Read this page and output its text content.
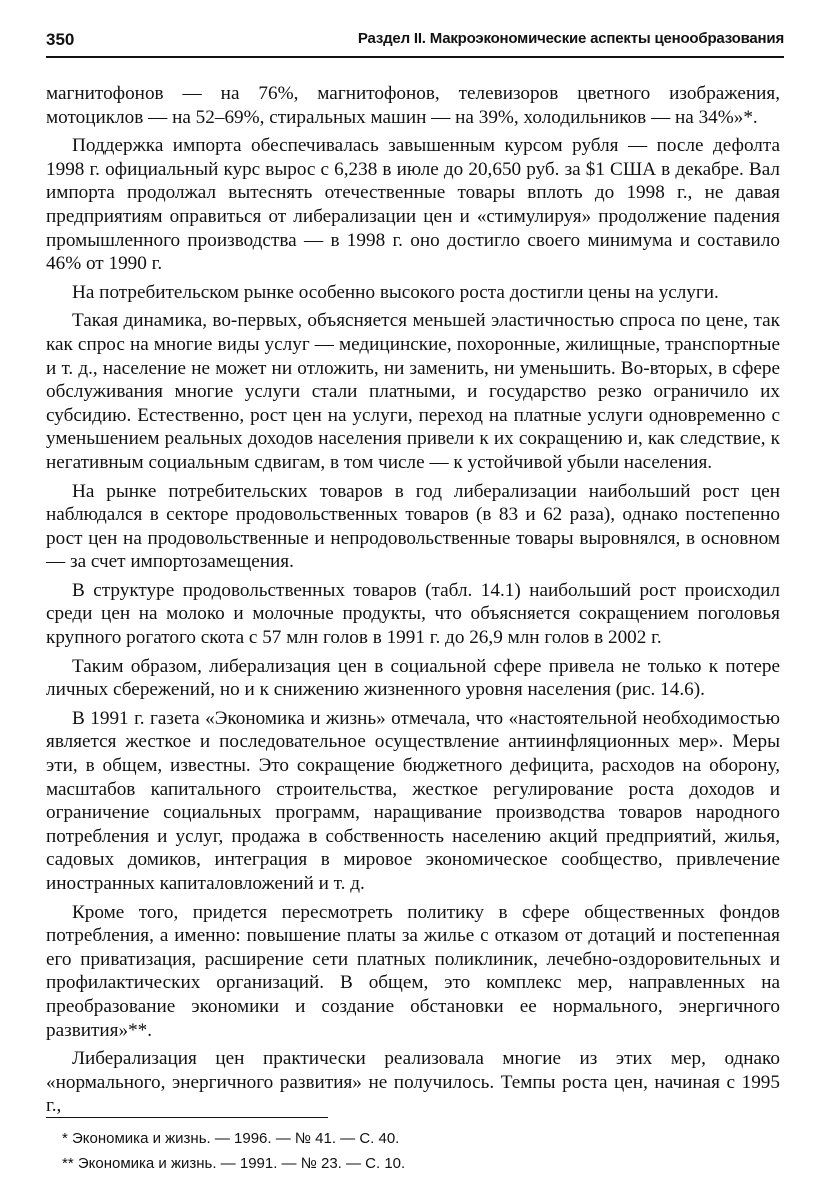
350	Раздел II. Макроэкономические аспекты ценообразования

магнитофонов — на 76%, магнитофонов, телевизоров цветного изображения, мотоциклов — на 52–69%, стиральных машин — на 39%, холодильников — на 34%»*.

Поддержка импорта обеспечивалась завышенным курсом рубля — после дефолта 1998 г. официальный курс вырос с 6,238 в июле до 20,650 руб. за $1 США в декабре. Вал импорта продолжал вытеснять отечественные товары вплоть до 1998 г., не давая предприятиям оправиться от либерализации цен и «стимулируя» продолжение падения промышленного производства — в 1998 г. оно достигло своего минимума и составило 46% от 1990 г.

На потребительском рынке особенно высокого роста достигли цены на услуги.

Такая динамика, во-первых, объясняется меньшей эластичностью спроса по цене, так как спрос на многие виды услуг — медицинские, похоронные, жилищные, транспортные и т. д., население не может ни отложить, ни заменить, ни уменьшить. Во-вторых, в сфере обслуживания многие услуги стали платными, и государство резко ограничило их субсидию. Естественно, рост цен на услуги, переход на платные услуги одновременно с уменьшением реальных доходов населения привели к их сокращению и, как следствие, к негативным социальным сдвигам, в том числе — к устойчивой убыли населения.

На рынке потребительских товаров в год либерализации наибольший рост цен наблюдался в секторе продовольственных товаров (в 83 и 62 раза), однако постепенно рост цен на продовольственные и непродовольственные товары выровнялся, в основном — за счет импортозамещения.

В структуре продовольственных товаров (табл. 14.1) наибольший рост происходил среди цен на молоко и молочные продукты, что объясняется сокращением поголовья крупного рогатого скота с 57 млн голов в 1991 г. до 26,9 млн голов в 2002 г.

Таким образом, либерализация цен в социальной сфере привела не только к потере личных сбережений, но и к снижению жизненного уровня населения (рис. 14.6).

В 1991 г. газета «Экономика и жизнь» отмечала, что «настоятельной необходимостью является жесткое и последовательное осуществление антиинфляционных мер». Меры эти, в общем, известны. Это сокращение бюджетного дефицита, расходов на оборону, масштабов капитального строительства, жесткое регулирование роста доходов и ограничение социальных программ, наращивание производства товаров народного потребления и услуг, продажа в собственность населению акций предприятий, жилья, садовых домиков, интеграция в мировое экономическое сообщество, привлечение иностранных капиталовложений и т. д.

Кроме того, придется пересмотреть политику в сфере общественных фондов потребления, а именно: повышение платы за жилье с отказом от дотаций и постепенная его приватизация, расширение сети платных поликлиник, лечебно-оздоровительных и профилактических организаций. В общем, это комплекс мер, направленных на преобразование экономики и создание обстановки ее нормального, энергичного развития»**.

Либерализация цен практически реализовала многие из этих мер, однако «нормального, энергичного развития» не получилось. Темпы роста цен, начиная с 1995 г.,

* Экономика и жизнь. — 1996. — № 41. — С. 40.
** Экономика и жизнь. — 1991. — № 23. — С. 10.
